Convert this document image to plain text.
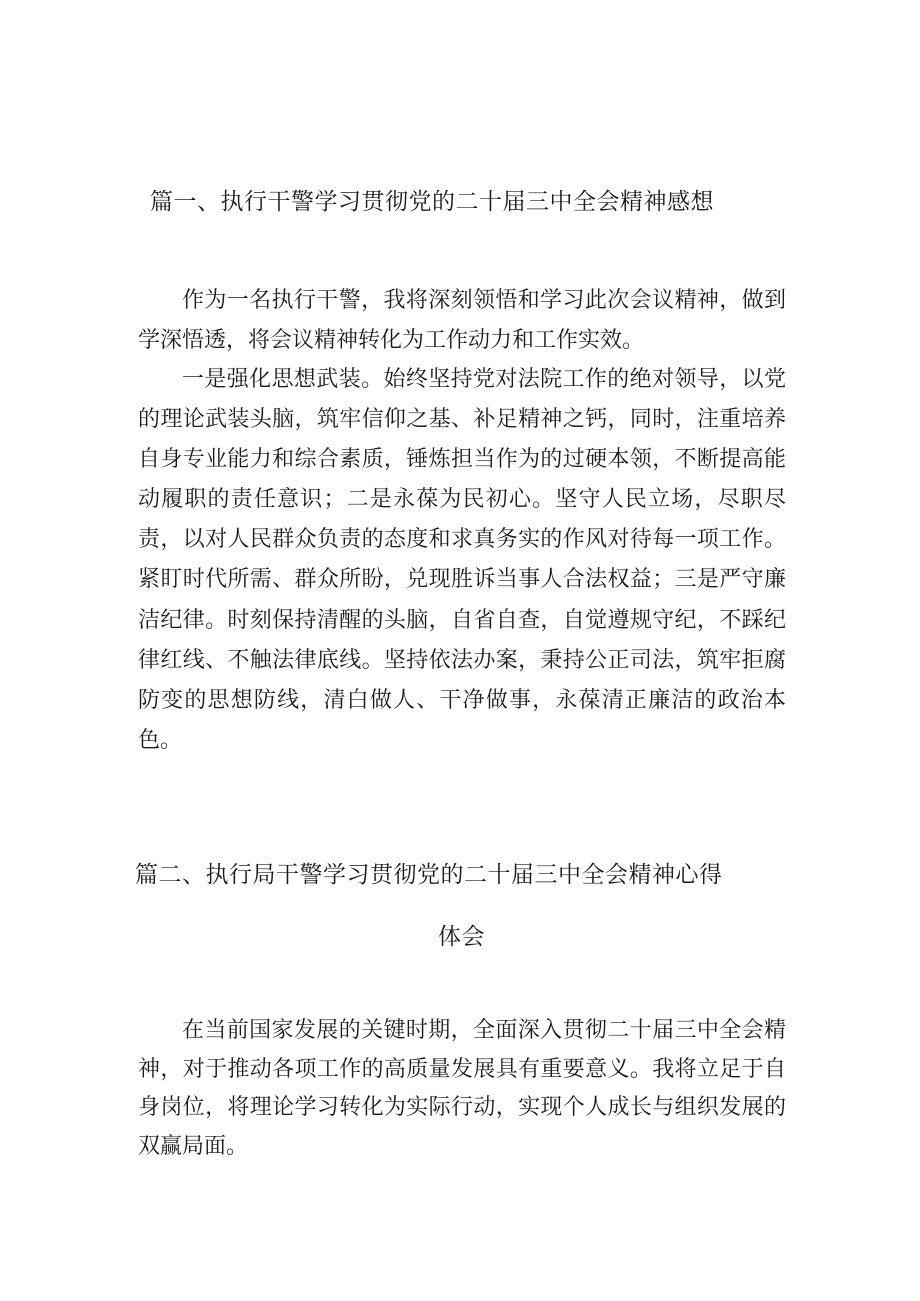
篇一、执行干警学习贯彻党的二十届三中全会精神感想

作为一名执行干警，我将深刻领悟和学习此次会议精神，做到学深悟透，将会议精神转化为工作动力和工作实效。

一是强化思想武装。始终坚持党对法院工作的绝对领导，以党的理论武装头脑，筑牢信仰之基、补足精神之钙，同时，注重培养自身专业能力和综合素质，锤炼担当作为的过硬本领，不断提高能动履职的责任意识；二是永葆为民初心。坚守人民立场，尽职尽责，以对人民群众负责的态度和求真务实的作风对待每一项工作。紧盯时代所需、群众所盼，兑现胜诉当事人合法权益；三是严守廉洁纪律。时刻保持清醒的头脑，自省自查，自觉遵规守纪，不踩纪律红线、不触法律底线。坚持依法办案，秉持公正司法，筑牢拒腐防变的思想防线，清白做人、干净做事，永葆清正廉洁的政治本色。

篇二、执行局干警学习贯彻党的二十届三中全会精神心得
体会

在当前国家发展的关键时期，全面深入贯彻二十届三中全会精神，对于推动各项工作的高质量发展具有重要意义。我将立足于自身岗位，将理论学习转化为实际行动，实现个人成长与组织发展的双赢局面。
